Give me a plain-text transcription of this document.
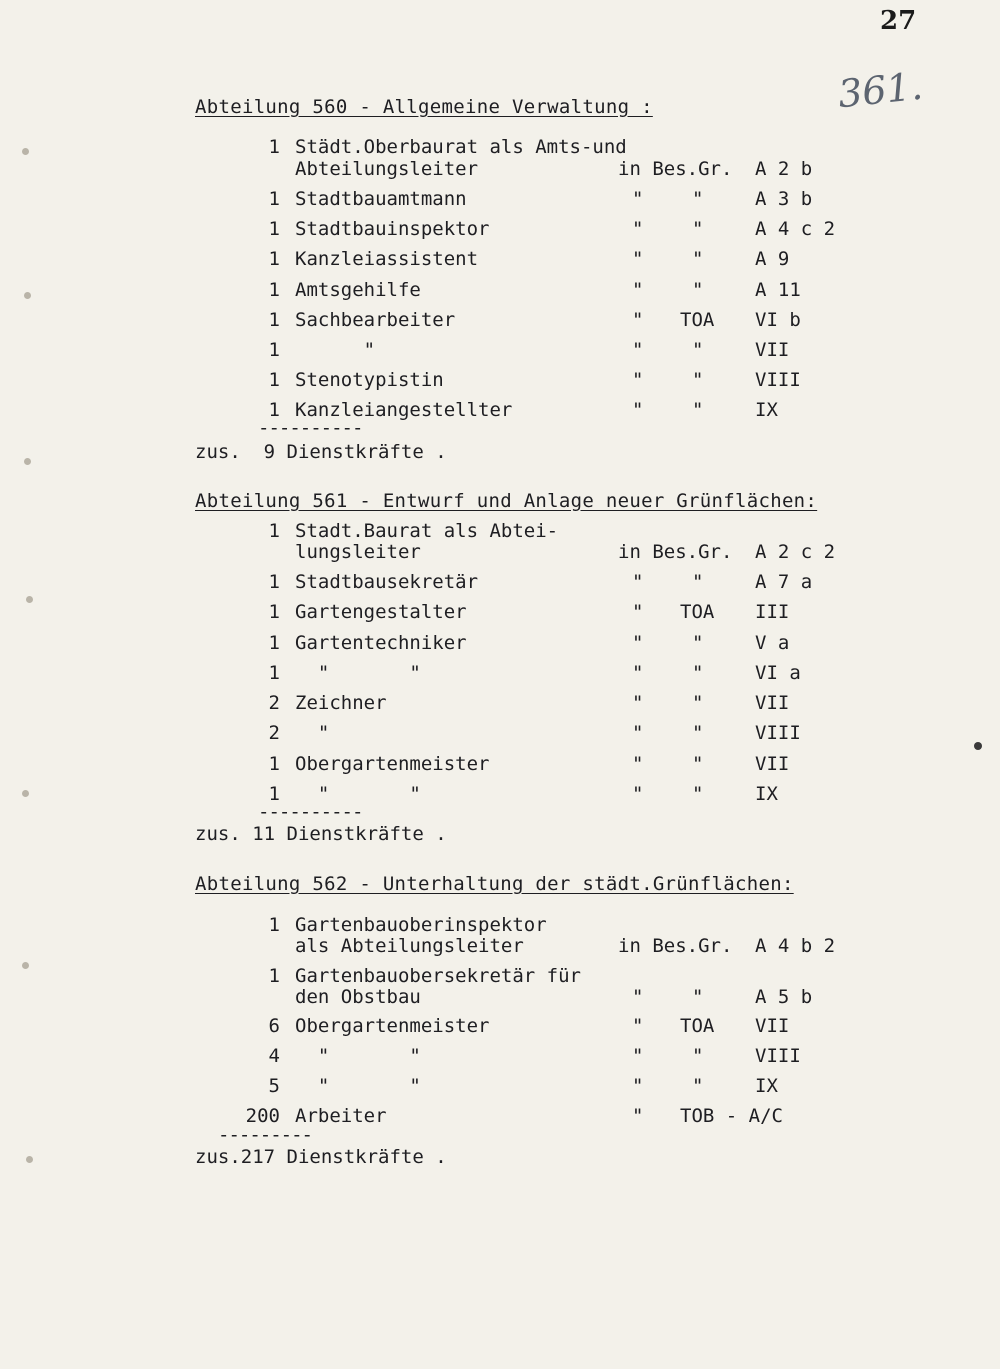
27
361.
Abteilung 560 - Allgemeine Verwaltung :
1 Städt.Oberbaurat als Amts-und
Abteilungsleiter	in Bes.Gr. A 2 b
1 Stadtbauamtmann	"	"	A 3 b
1 Stadtbauinspektor	"	"	A 4 c 2
1 Kanzleiassistent	"	"	A 9
1 Amtsgehilfe	"	"	A 11
1 Sachbearbeiter	" TOA VI b
1 "	"	"	VII
1 Stenotypistin	"	"	VIII
1 Kanzleiangestellter	"	"	IX
----------
zus.  9 Dienstkräfte .
Abteilung 561 - Entwurf und Anlage neuer Grünflächen:
1 Stadt.Baurat als Abtei-
lungsleiter	in Bes.Gr. A 2 c 2
1 Stadtbausekretär	"	"	A 7 a
1 Gartengestalter	" TOA III
1 Gartentechniker	"	"	V a
1 "       "	"	"	VI a
2 Zeichner	"	"	VII
2 "	"	"	VIII
1 Obergartenmeister	"	"	VII
1 "       "	"	"	IX
----------
zus. 11 Dienstkräfte .
Abteilung 562 - Unterhaltung der städt.Grünflächen:
1 Gartenbauoberinspektor
als Abteilungsleiter	in Bes.Gr. A 4 b 2
1 Gartenbauobersekretär für
den Obstbau	"	"	A 5 b
6 Obergartenmeister	" TOA VII
4 "       "	"	"	VIII
5 "       "	"	"	IX
200 Arbeiter	" TOB - A/C
---------
zus.217 Dienstkräfte .
